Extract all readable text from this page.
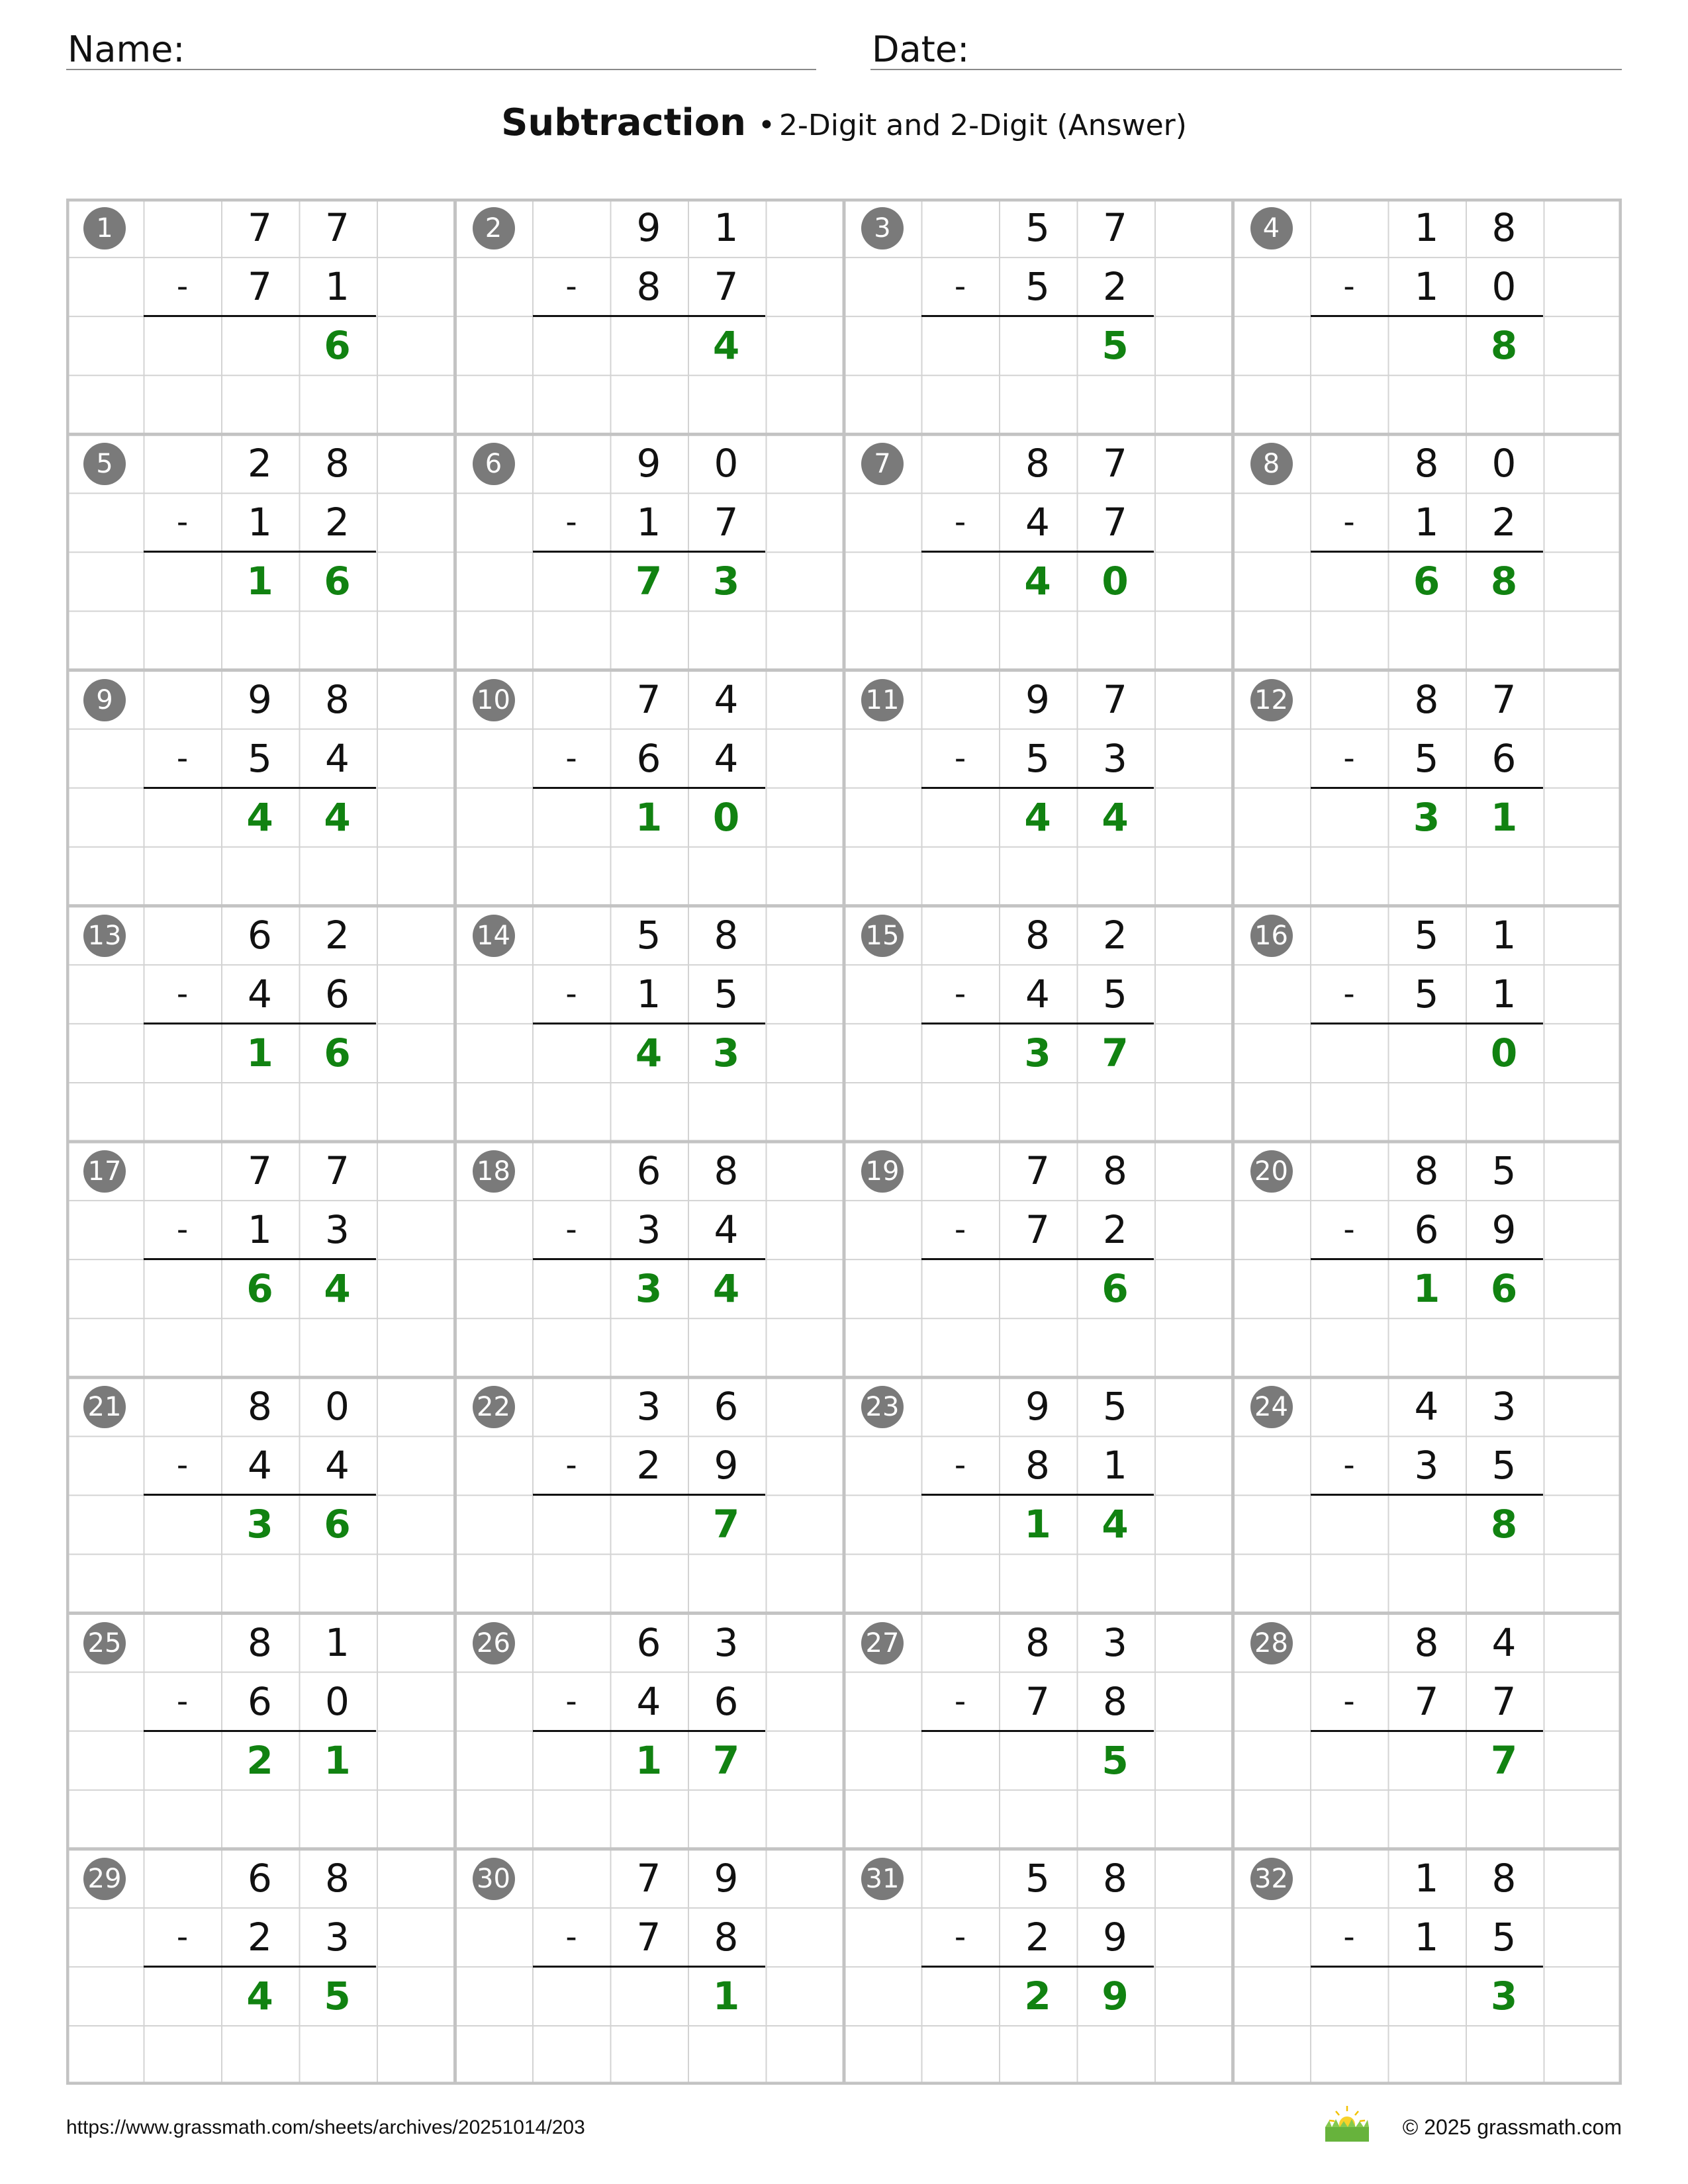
Name:	Date:
Subtraction • 2-Digit and 2-Digit (Answer)
1	7	7
-	7	1
6
2	9	1
-	8	7
4
3	5	7
-	5	2
5
4	1	8
-	1	0
8
5	2	8
-	1	2
1	6
6	9	0
-	1	7
7	3
7	8	7
-	4	7
4	0
8	8	0
-	1	2
6	8
9	9	8
-	5	4
4	4
10	7	4
-	6	4
1	0
11	9	7
-	5	3
4	4
12	8	7
-	5	6
3	1
13	6	2
-	4	6
1	6
14	5	8
-	1	5
4	3
15	8	2
-	4	5
3	7
16	5	1
-	5	1
0
17	7	7
-	1	3
6	4
18	6	8
-	3	4
3	4
19	7	8
-	7	2
6
20	8	5
-	6	9
1	6
21	8	0
-	4	4
3	6
22	3	6
-	2	9
7
23	9	5
-	8	1
1	4
24	4	3
-	3	5
8
25	8	1
-	6	0
2	1
26	6	3
-	4	6
1	7
27	8	3
-	7	8
5
28	8	4
-	7	7
7
29	6	8
-	2	3
4	5
30	7	9
-	7	8
1
31	5	8
-	2	9
2	9
32	1	8
-	1	5
3
https://www.grassmath.com/sheets/archives/20251014/203	© 2025 grassmath.com
